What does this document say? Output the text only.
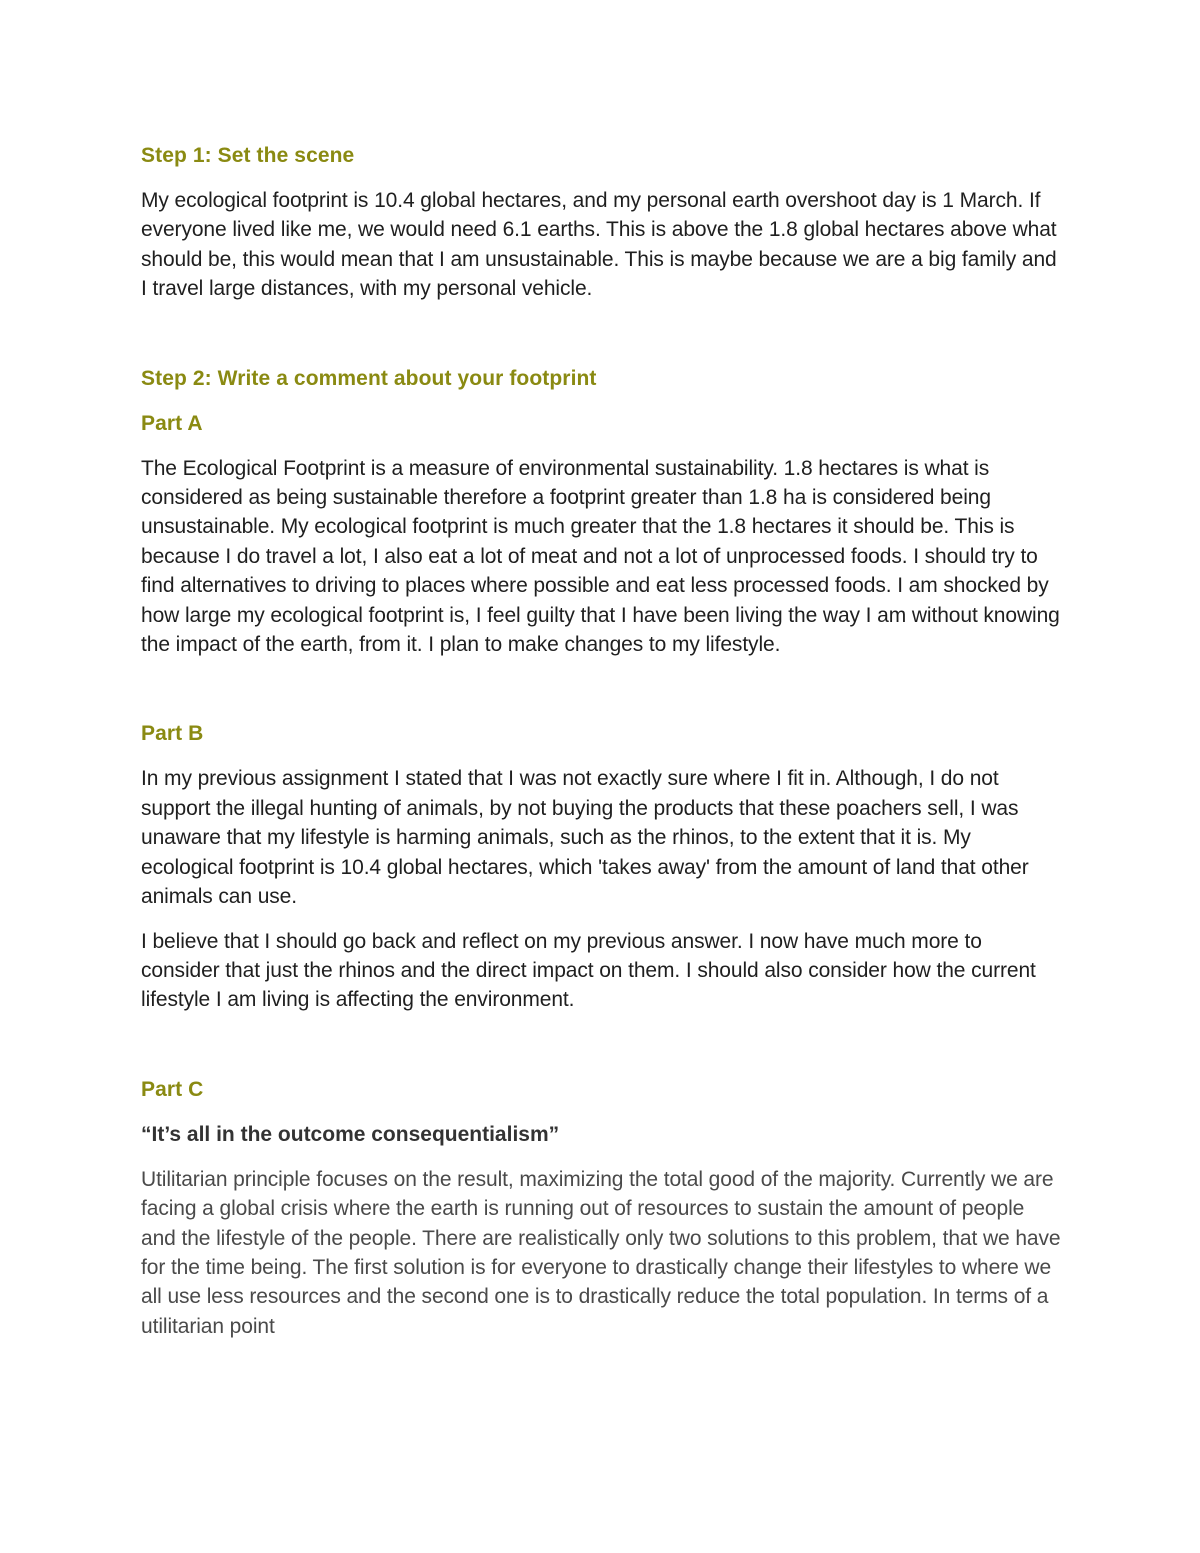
Step 1: Set the scene

My ecological footprint is 10.4 global hectares, and my personal earth overshoot day is 1 March. If everyone lived like me, we would need 6.1 earths. This is above the 1.8 global hectares above what should be, this would mean that I am unsustainable. This is maybe because we are a big family and I travel large distances, with my personal vehicle.

Step 2: Write a comment about your footprint
Part A

The Ecological Footprint is a measure of environmental sustainability. 1.8 hectares is what is considered as being sustainable therefore a footprint greater than 1.8 ha is considered being unsustainable. My ecological footprint is much greater that the 1.8 hectares it should be. This is because I do travel a lot, I also eat a lot of meat and not a lot of unprocessed foods. I should try to find alternatives to driving to places where possible and eat less processed foods. I am shocked by how large my ecological footprint is, I feel guilty that I have been living the way I am without knowing the impact of the earth, from it. I plan to make changes to my lifestyle.

Part B

In my previous assignment I stated that I was not exactly sure where I fit in. Although, I do not support the illegal hunting of animals, by not buying the products that these poachers sell, I was unaware that my lifestyle is harming animals, such as the rhinos, to the extent that it is. My ecological footprint is 10.4 global hectares, which 'takes away' from the amount of land that other animals can use.

I believe that I should go back and reflect on my previous answer. I now have much more to consider that just the rhinos and the direct impact on them. I should also consider how the current lifestyle I am living is affecting the environment.

Part C
“It’s all in the outcome consequentialism”

Utilitarian principle focuses on the result, maximizing the total good of the majority. Currently we are facing a global crisis where the earth is running out of resources to sustain the amount of people and the lifestyle of the people. There are realistically only two solutions to this problem, that we have for the time being. The first solution is for everyone to drastically change their lifestyles to where we all use less resources and the second one is to drastically reduce the total population. In terms of a utilitarian point
